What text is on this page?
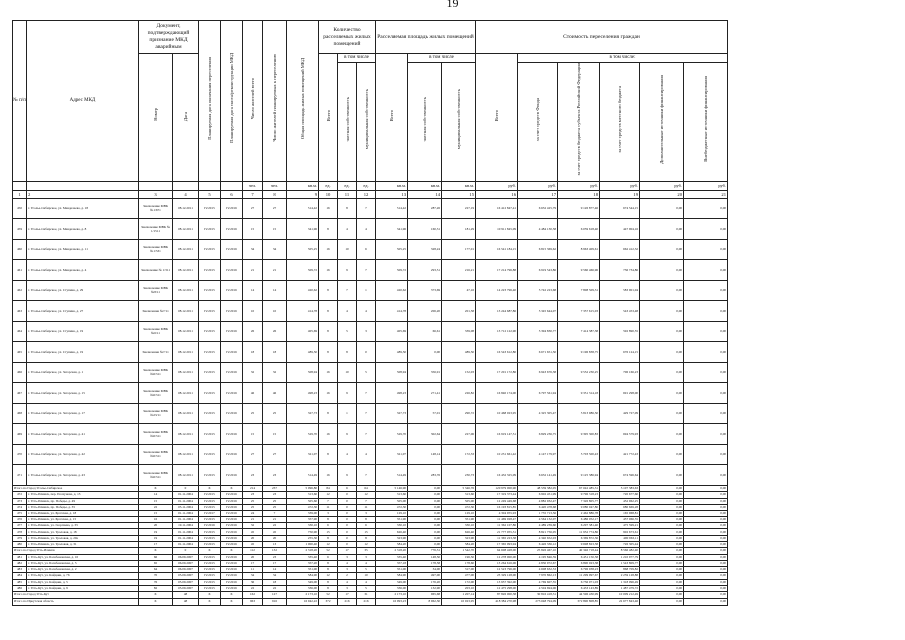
19
№ п/п	Адрес МКД	Документ, подтверждающий признание МКД аварийным		Планируемая дата окончания переселения	Планируемая дата сноса/реконструкции МКД	Число жителей всего	Число жителей планируемых к переселению	Общая площадь жилых помещений МКД	Количество расселяемых жилых помещений			Расселяемая площадь жилых помещений			Стоимость переселения граждан					
		Номер	Дата						Всего	в том числе		Всего	в том числе		Всего	в том числе:				
										частная собственность	муниципальная собственность		частная собственность	муниципальная собственность		за счет средств Фонда	за счет средств бюджета субъекта Российской Федерации	за счет средств местного бюджета	Дополнительные источники финансирования	Внебюджетные источники финансирования
						чел.	чел.	кв.м.	ед.	ед.	ед.	кв.м.	кв.м.	кв.м.	руб.	руб.	руб.	руб.	руб.	руб.
1	2	3	4	5	6	7	8	9	10	11	12	13	14	15	16	17	18	19	20	21
450	г. Усолье-Сибирское, ул. Менделеева, д. 18	Заключение МВК №1/671	08.12.2011	IV.2015	IV.2016	27	27	514,42	16	8	7	514,42	287,26	227,19	16 412 847,41	6 632 425,79	9 126 877,46	674 544,15	0,00	0,00
459	г. Усолье-Сибирское, ул. Менделеева, д. 8	Заключение МВК № 1/1511	08.12.2011	IV.2015	IV.2016	15	15	341,96	8	4	4	341,96	160,31	181,29	10 911 845,09	4 484 130,58	6 059 618,40	447 904,16	0,00	0,00
460	г. Усолье-Сибирское, ул. Менделеева, д. 11	Заключение МВК №1/531	08.12.2011	IV.2015	IV.2016	34	34	505,25	16	10	6	505,25	328,24	177,01	16 541 184,15	6 815 369,62	8 963 409,61	662 412,32	0,00	0,00
461	г. Усолье-Сибирское, ул. Менделеева, д. 4	Заключение № 1/311	08.12.2011	IV.2015	IV.2016	21	21	509,72	16	9	7	509,72	293,51	216,21	17 214 796,88	6 919 543,86	9 560 466,96	736 734,86	0,00	0,00
462	г. Усолье-Сибирское, ул. Ступина, д. 29	Заключение МВК №8/11	08.12.2011	IV.2015	IV.2016	14	14	420,62	8	7	1	420,62	373,69	47,16	14 223 796,40	5 742 223,68	7 808 509,31	583 901,04	0,00	0,00
463	г. Усолье-Сибирское, ул. Ступина, д. 27	Заключение №7/11	08.12.2011	IV.2015	IV.2016	10	10	414,78	8	4	4	414,78	206,20	201,58	13 244 687,86	5 345 644,07	7 357 615,03	543 453,48	0,00	0,00
464	г. Усолье-Сибирское, ул. Ступина, д. 19	Заключение МВК №6/11	08.12.2011	IV.2015	IV.2016	26	26	405,69	8	5	3	405,69	66,61	339,08	13 712 122,90	5 394 830,77	7 414 387,38	592 890,55	0,00	0,00
465	г. Усолье-Сибирское, ул. Ступина, д. 19	Заключение №7/11	08.12.2011	IV.2015	IV.2016	18	18	489,50	8	8	0	489,50	0,00	489,50	16 543 612,80	6 671 651,50	9 196 838,75	676 124,15	0,00	0,00
466	г. Усолье-Сибирское, ул. Загорская, д. 1	Заключение МВК №6/311	08.12.2011	IV.2015	IV.2016	32	32	508,94	16	10	5	508,94	356,91	152,03	17 201 172,86	6 943 676,38	9 552 230,25	706 166,23	0,00	0,00
467	г. Усолье-Сибирское, ул. Загорская, д. 15	Заключение МВК №6/311	08.12.2011	IV.2015	IV.2016	46	46	498,23	16	9	7	498,23	271,41	226,82	16 840 174,00	6 797 561,94	9 351 314,18	691 298,00	0,00	0,00
468	г. Усолье-Сибирское, ул. Загорская, д. 17	Заключение МВК №23/11	08.12.2011	IV.2015	IV.2016	25	25	327,73	8	1	7	327,73	57,01	290,72	10 468 023,95	4 325 305,47	5 813 986,50	429 727,09	0,00	0,00
469	г. Усолье-Сибирское, ул. Загорская, д. 41	Заключение МВК №6/311	08.12.2011	IV.2015	IV.2016	15	15	529,70	16	9	7	529,70	302,64	227,06	16 919 147,51	6 829 236,75	9 395 300,83	694 579,93	0,00	0,00
470	г. Усолье-Сибирское, ул. Загорская, д. 42	Заключение МВК №6/311	08.12.2011	IV.2015	IV.2016	27	27	321,07	8	4	4	321,07	148,14	172,33	10 231 661,42	4 147 179,97	5 703 500,43	421 772,43	0,00	0,00
471	г. Усолье-Сибирское, ул. Загорская, д. 43	Заключение МВК №6/311	08.12.2011	IV.2015	IV.2016	23	23	514,49	16	9	7	514,49	283,76	230,73	16 432 325,09	6 632 141,49	9 125 386,94	674 596,64	0,00	0,00
Итого по Город Усолье-Сибирское		X	0	X	X	214	237	5 096,80	84	6	64	5 146,90	0,00	5 346,76	120 979 000,90	48 539 382,05	67 042 485,31	5 107 383,63	0,00	0,00
472	г. Усть-Илимск, пер. Ползунова, д. 13	14	01.11.2004	IV.2015	IV.2016	23	23	313,60	12	0	12	313,60	0,00	313,60	17 319 373,44	6 902 451,99	9 796 318,23	720 677,60	0,00	0,00
473	г. Усть-Илимск, пр. Победы, д. 49	15	01.11.2004	IV.2015	IV.2016	25	25	505,60	7	0	7	505,00	0,00	505,00	12 249 449,68	4 882 932,47	7 326 805,77	452 962,25	0,00	0,00
474	г. Усть-Илимск, пр. Победы, д. 35	22	05.11.2004	IV.2015	IV.2016	25	25	472,30	11	0	11	472,30	0,00	472,30	16 193 815,85	6 420 478,68	9 080 047,80	680 669,28	0,00	0,00
475	г. Усть-Илимск, ул. Братская, д. 18	15	01.11.2004	IV.2017	IV.2016	24	7	339,00	3	0	3	129,10	0,00	129,10	4 304 955,93	1 735 713,56	2 462 886,78	165 968,81	0,00	0,00
476	г. Усть-Илимск, ул. Братская, д. 15	16	01.11.2004	IV.2015	IV.2016	21	21	357,90	8	0	8	351,90	0,00	351,90	11 469 028,47	4 564 132,07	6 486 052,17	457 066,55	0,00	0,00
477	г. Усть-Илимск, ул. Георгиева, д. 33	20	19.11.2004	IV.2016	IV.2016	32	22	330,10	6	0	6	330,10	0,00	330,10	11 362 107,86	4 489 239,60	6 297 381,40	475 599,21	0,00	0,00
478	г. Усть-Илимск, ул. Траловая, д. 18	19	01.11.2004	IV.2015	IV.2016	45	45	750,90	15	0	15	626,40	0,00	626,40	21 777 055,31	8 821 756,05	11 952 774,86	902 673,61	0,00	0,00
479	г. Усть-Илимск, ул. Траловая, д. 20а	19	01.11.2004	IV.2015	IV.2016	20	20	255,30	8	0	8	323,90	0,00	323,90	11 365 223,38	4 340 652,03	6 369 872,36	490 963,11	0,00	0,00
480	г. Усть-Илимск, ул. Траловая, д. 31	17	01.11.2004	IV.2015	IV.2016	45	13	1 000,40	12	0	12	584,20	0,00	584,20	17 365 093,94	6 426 336,12	9 698 823,58	726 305,44	0,00	0,00
Итого по Город Усть-Илимск		X	0	X	X	112	132	2 318,20	52	17	35	2 318,20	776,31	1 542,70	64 608 428,00	25 826 467,10	40 346 718,44	8 566 482,40	0,00	0,00
481	г. Усть-Кут, ул. Балабановская, д. 10	66	06.09.2007	IV.2015	IV.2016	20	23	335,40	6	3	3	335,40	148,50	196,50	12 278 000,00	4 195 846,59	6 451 150,58	1 210 977,79	0,00	0,00
482	г. Усть-Кут, ул. Балабановская, д. 5	65	06.09.2007	IV.2015	IV.2016	17	17	357,20	8	4	4	357,18	178,58	178,60	13 264 616,06	4 830 972,67	6 890 023,38	1 543 809,77	0,00	0,00
483	г. Усть-Кут, ул. Балабановская, д. 2	64	06.09.2007	IV.2015	IV.2016	11	14	351,00	8	3	5	351,00	34,00	317,00	12 523 796,00	4 608 632,53	6 796 938,23	868 709,82	0,00	0,00
484	г. Усть-Кут, ул. Кайдаки, д. 76	70	05.09.2007	IV.2015	IV.2016	34	34	584,90	12	2	10	584,90	497,00	477,00	23 329 128,00	7 970 862,13	11 299 997,67	2 259 128,88	0,00	0,00
485	г. Усть-Кут, ул. Кайдаки, д. 5	76	05.09.2007	IV.2015	IV.2016	36	18	349,00	8	4	4	349,00	176,20	172,00	13 957 392,00	4 769 607,55	6 736 071,03	1 318 096,49	0,00	0,00
486	г. Усть-Кут, ул. Кайдаки, д. 9	82	05.09.2007	IV.2015	IV.2016	22	22	336,00	8	3	5	336,00	132,90	203,10	12 475 298,00	4 504 694,06	6 433 143,89	1 487 479,72	0,00	0,00
Итого по Город Усть-Кут		X	48	X	X	162	127	2 173,10	52	17	31	2 173,10	965,68	1 207,14	87 826 000,38	30 816 418,31	44 596 430,99	10 009 212,49	0,00	0,00
Итого по Иркутская область		X	48	X	X	963	916	16 942,22	372	216	216	16 993,23	8 962,30	10 023,95	418 384 270,98	273 048 794,09	372 890 808,85	22 677 843,46	0,00	0,00
